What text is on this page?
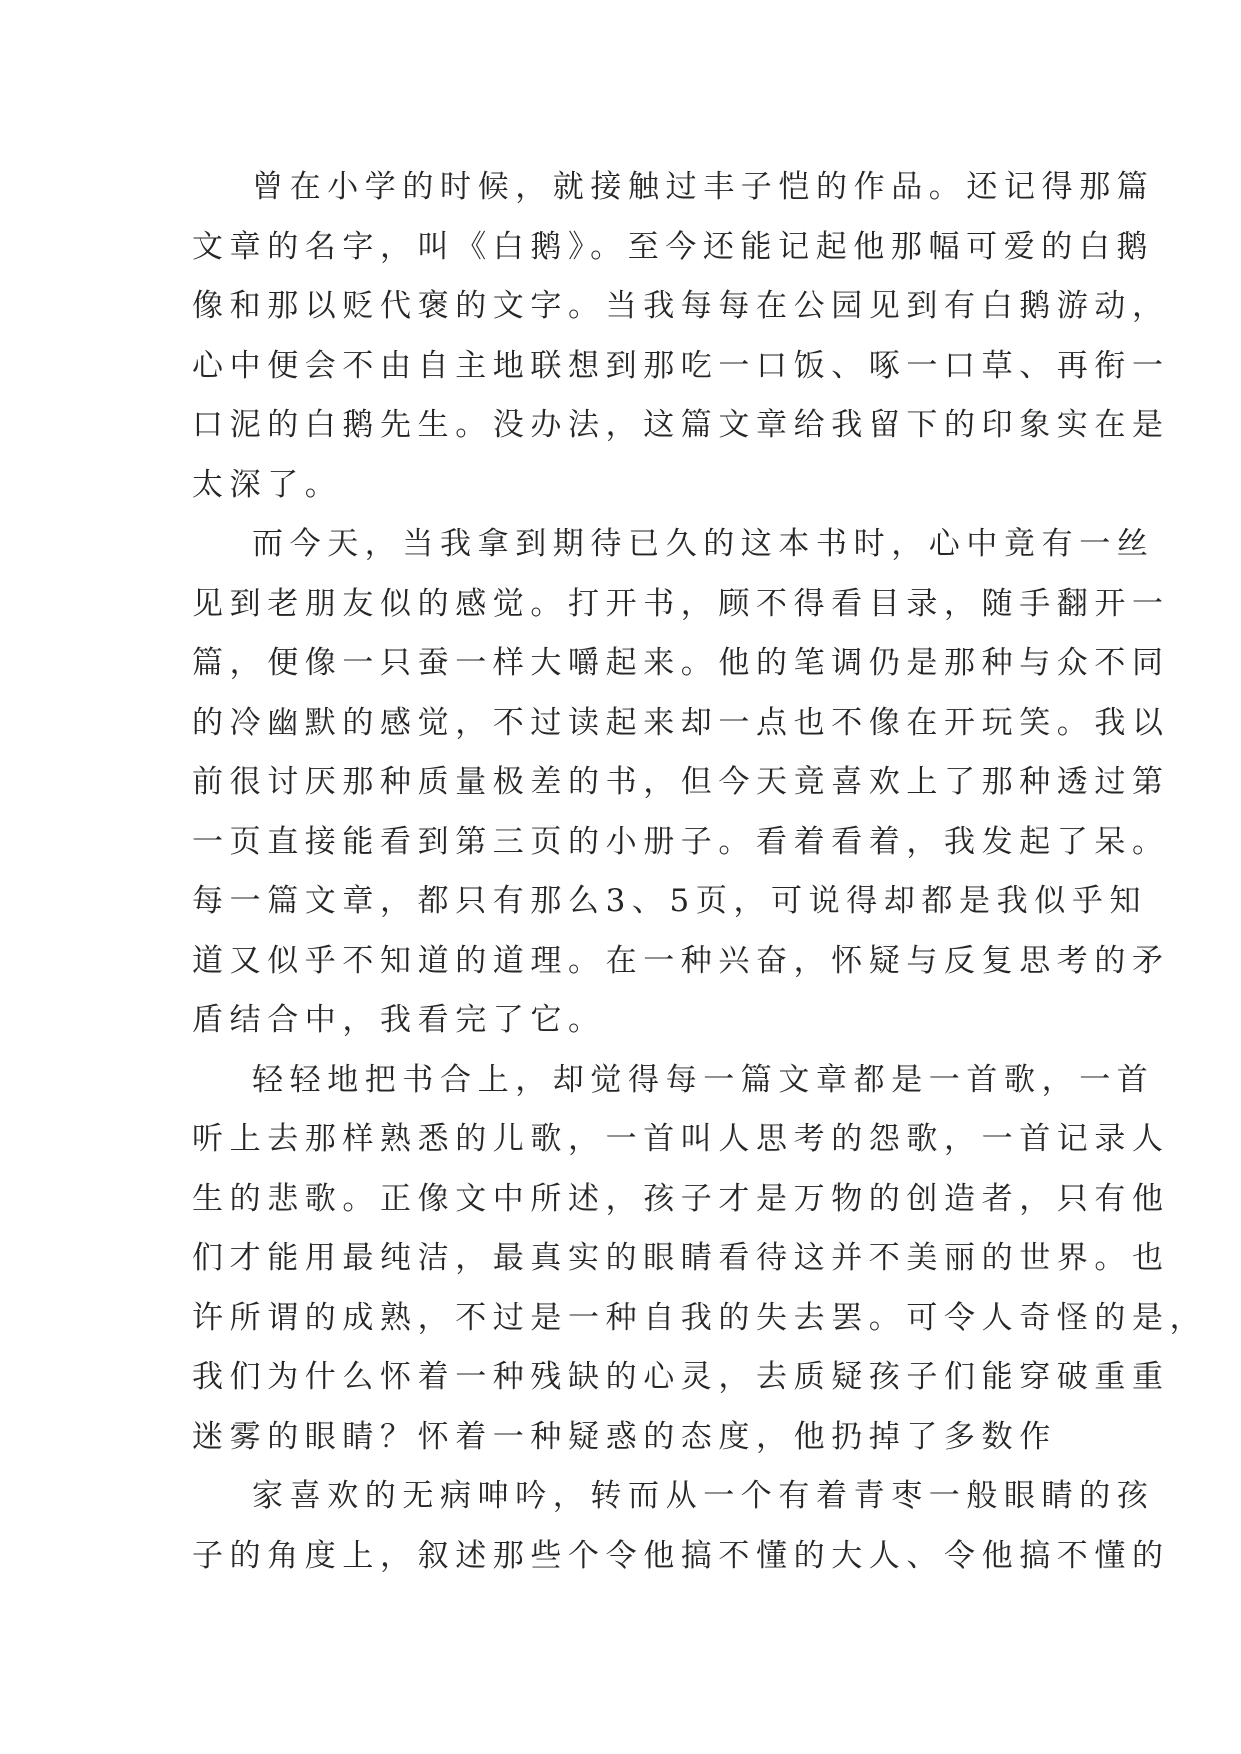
曾在小学的时候，就接触过丰子恺的作品。还记得那篇
文章的名字，叫《白鹅》。至今还能记起他那幅可爱的白鹅
像和那以贬代褒的文字。当我每每在公园见到有白鹅游动，
心中便会不由自主地联想到那吃一口饭、啄一口草、再衔一
口泥的白鹅先生。没办法，这篇文章给我留下的印象实在是
太深了。
而今天，当我拿到期待已久的这本书时，心中竟有一丝
见到老朋友似的感觉。打开书，顾不得看目录，随手翻开一
篇，便像一只蚕一样大嚼起来。他的笔调仍是那种与众不同
的冷幽默的感觉，不过读起来却一点也不像在开玩笑。我以
前很讨厌那种质量极差的书，但今天竟喜欢上了那种透过第
一页直接能看到第三页的小册子。看着看着，我发起了呆。
每一篇文章，都只有那么3、5页，可说得却都是我似乎知
道又似乎不知道的道理。在一种兴奋，怀疑与反复思考的矛
盾结合中，我看完了它。
轻轻地把书合上，却觉得每一篇文章都是一首歌，一首
听上去那样熟悉的儿歌，一首叫人思考的怨歌，一首记录人
生的悲歌。正像文中所述，孩子才是万物的创造者，只有他
们才能用最纯洁，最真实的眼睛看待这并不美丽的世界。也
许所谓的成熟，不过是一种自我的失去罢。可令人奇怪的是，
我们为什么怀着一种残缺的心灵，去质疑孩子们能穿破重重
迷雾的眼睛？怀着一种疑惑的态度，他扔掉了多数作
家喜欢的无病呻吟，转而从一个有着青枣一般眼睛的孩
子的角度上，叙述那些个令他搞不懂的大人、令他搞不懂的
